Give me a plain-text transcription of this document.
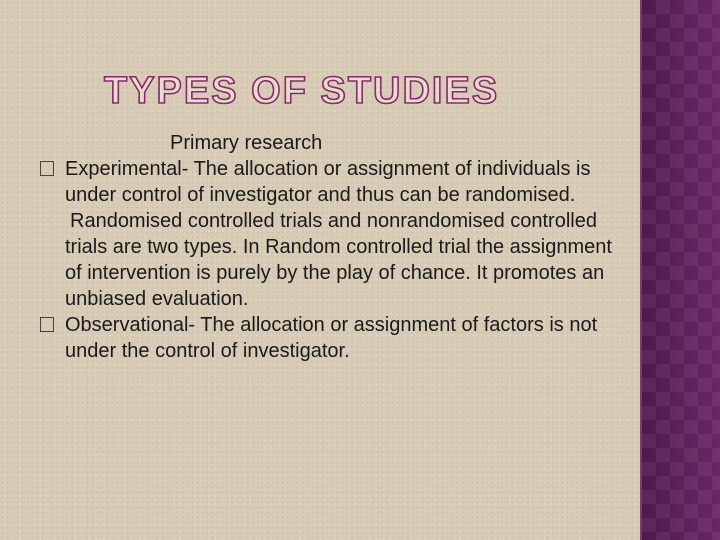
TYPES OF STUDIES

Primary research

Experimental- The allocation or assignment of individuals is under control of investigator and thus can be randomised.

Randomised controlled trials and nonrandomised controlled trials are two types. In Random controlled trial the assignment of intervention is purely by the play of chance. It promotes an unbiased evaluation.

Observational- The allocation or assignment of factors is not under the control of investigator.
